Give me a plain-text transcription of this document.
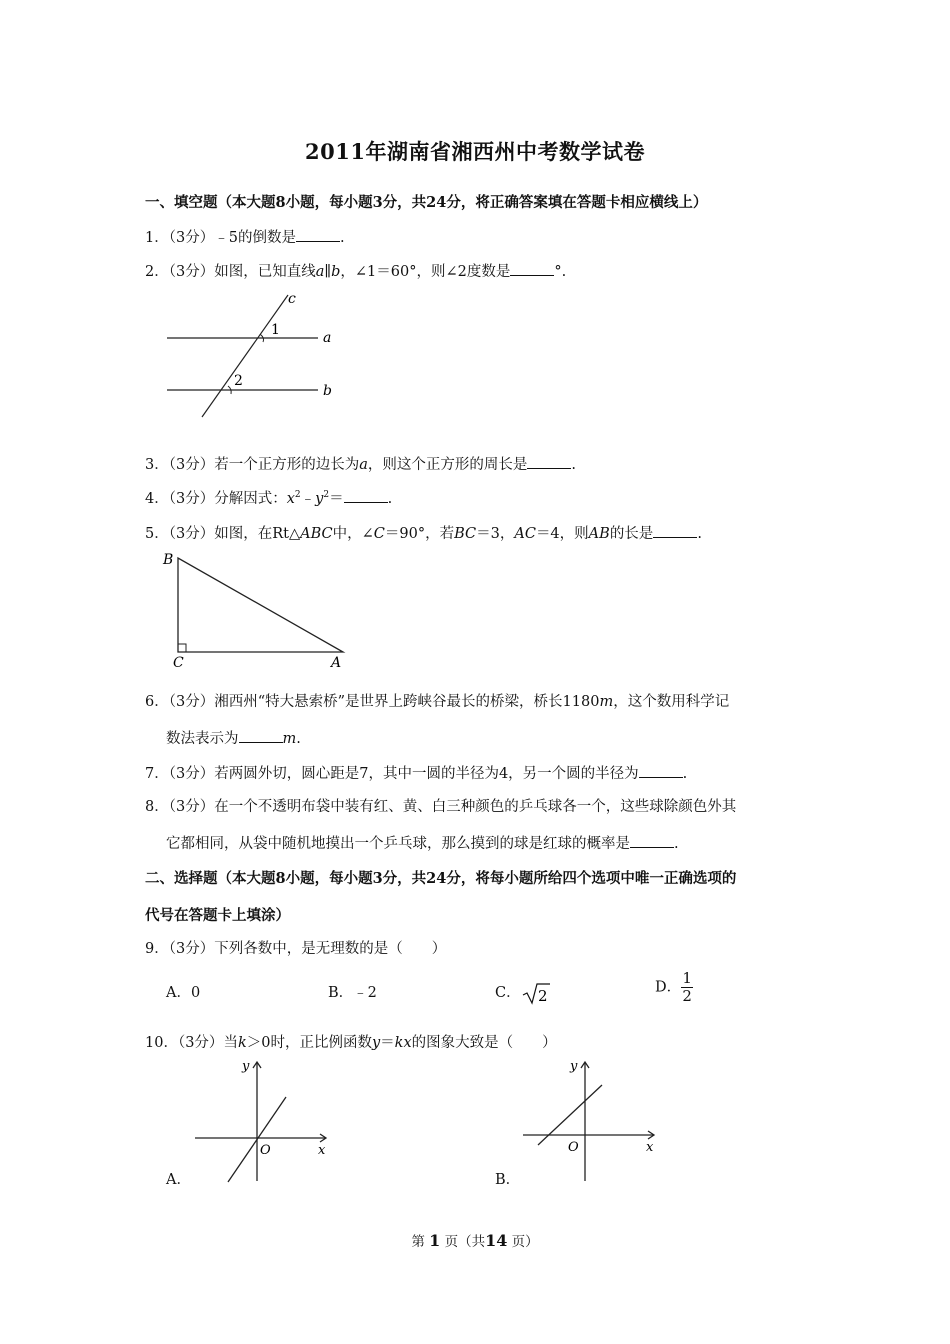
2011年湖南省湘西州中考数学试卷
一、填空题（本大题8小题，每小题3分，共24分，将正确答案填在答题卡相应横线上）
1．（3分）﹣5的倒数是	.
2．（3分）如图，已知直线a∥b，∠1＝60°，则∠2度数是	°.
c
1
2
a
b
3．（3分）若一个正方形的边长为a，则这个正方形的周长是	.
4．（3分）分解因式：$x^2﹣y^2=$	.
5．（3分）如图，在Rt△ABC中，∠C＝90°，若BC＝3，AC＝4，则AB的长是	.
B
C	A
6．（3分）湘西州“特大悬索桥”是世界上跨峡谷最长的桥梁，桥长1180m，这个数用科学记
数法表示为	m.
7．（3分）若两圆外切，圆心距是7，其中一圆的半径为4，另一个圆的半径为	.
8．（3分）在一个不透明布袋中装有红、黄、白三种颜色的乒乓球各一个，这些球除颜色外其
它都相同，从袋中随机地摸出一个乒乓球，那么摸到的球是红球的概率是	.
二、选择题（本大题8小题，每小题3分，共24分，将每小题所给四个选项中唯一正确选项的
代号在答题卡上填涂）
9．（3分）下列各数中，是无理数的是（　　）
A．0	B．﹣2	C． 2	D． $\frac{1}{2}$
10．（3分）当k＞0时，正比例函数y＝kx的图象大致是（　　）
y
x
O
A．
y
x
O
B．
第 1 页（共14 页）
